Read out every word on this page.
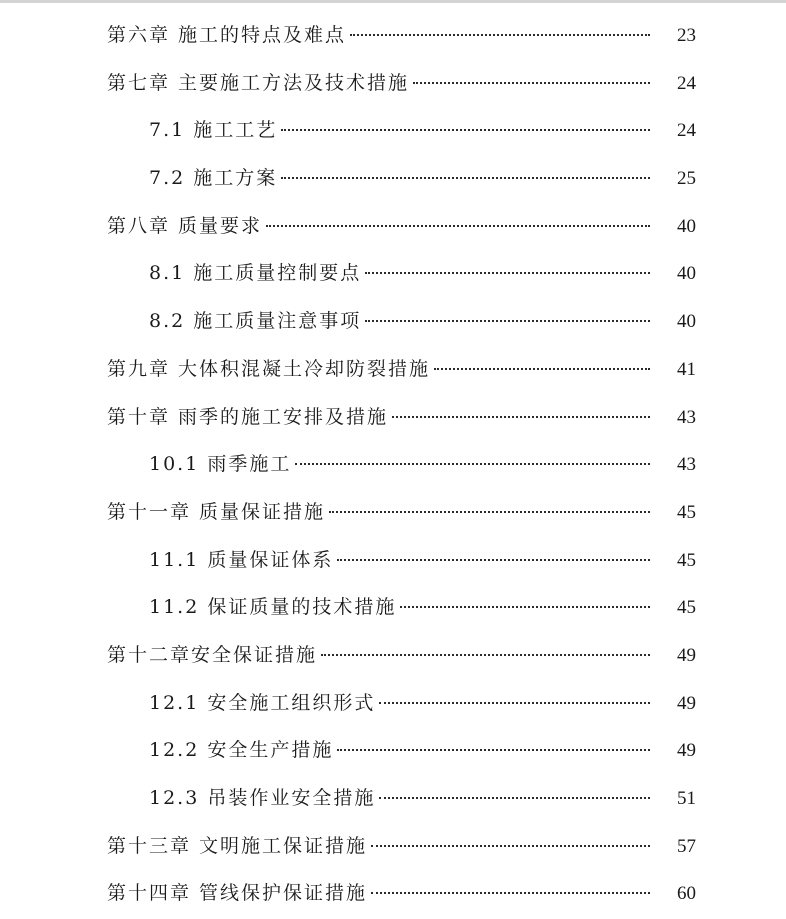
第六章 施工的特点及难点	23
第七章 主要施工方法及技术措施	24
7.1 施工工艺	24
7.2 施工方案	25
第八章 质量要求	40
8.1 施工质量控制要点	40
8.2 施工质量注意事项	40
第九章 大体积混凝土冷却防裂措施	41
第十章 雨季的施工安排及措施	43
10.1 雨季施工	43
第十一章 质量保证措施	45
11.1 质量保证体系	45
11.2 保证质量的技术措施	45
第十二章安全保证措施	49
12.1 安全施工组织形式	49
12.2 安全生产措施	49
12.3 吊装作业安全措施	51
第十三章 文明施工保证措施	57
第十四章 管线保护保证措施	60
